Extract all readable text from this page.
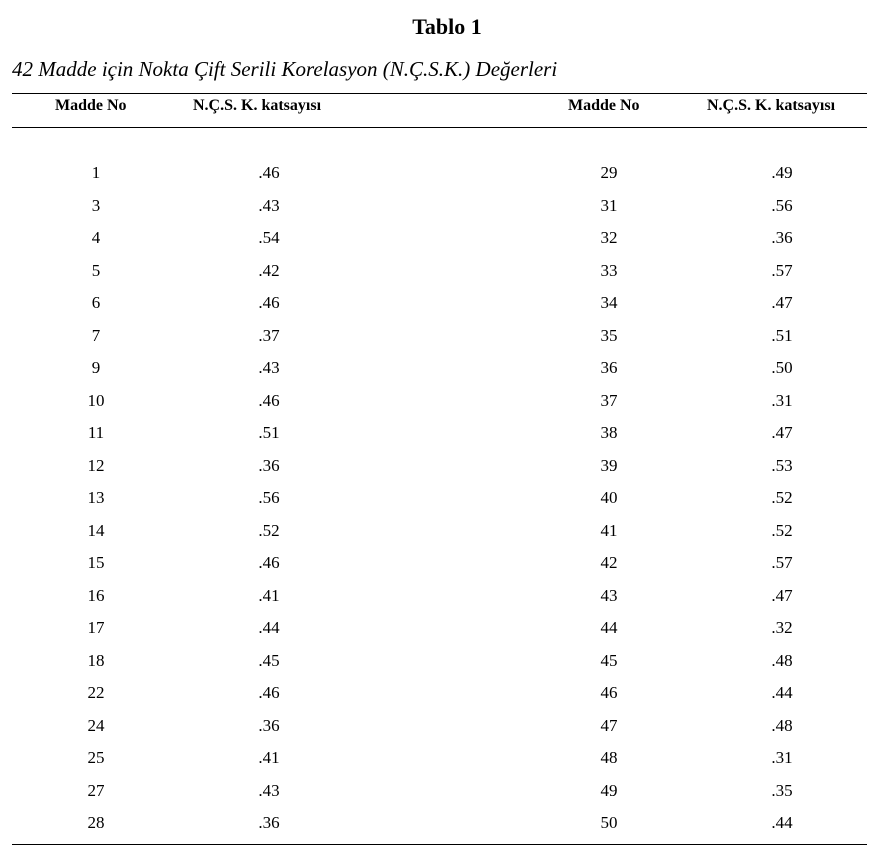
Tablo 1
42 Madde için Nokta Çift Serili Korelasyon (N.Ç.S.K.) Değerleri
Madde No	N.Ç.S. K. katsayısı	Madde No	N.Ç.S. K. katsayısı
1	.46	29	.49
3	.43	31	.56
4	.54	32	.36
5	.42	33	.57
6	.46	34	.47
7	.37	35	.51
9	.43	36	.50
10	.46	37	.31
11	.51	38	.47
12	.36	39	.53
13	.56	40	.52
14	.52	41	.52
15	.46	42	.57
16	.41	43	.47
17	.44	44	.32
18	.45	45	.48
22	.46	46	.44
24	.36	47	.48
25	.41	48	.31
27	.43	49	.35
28	.36	50	.44
